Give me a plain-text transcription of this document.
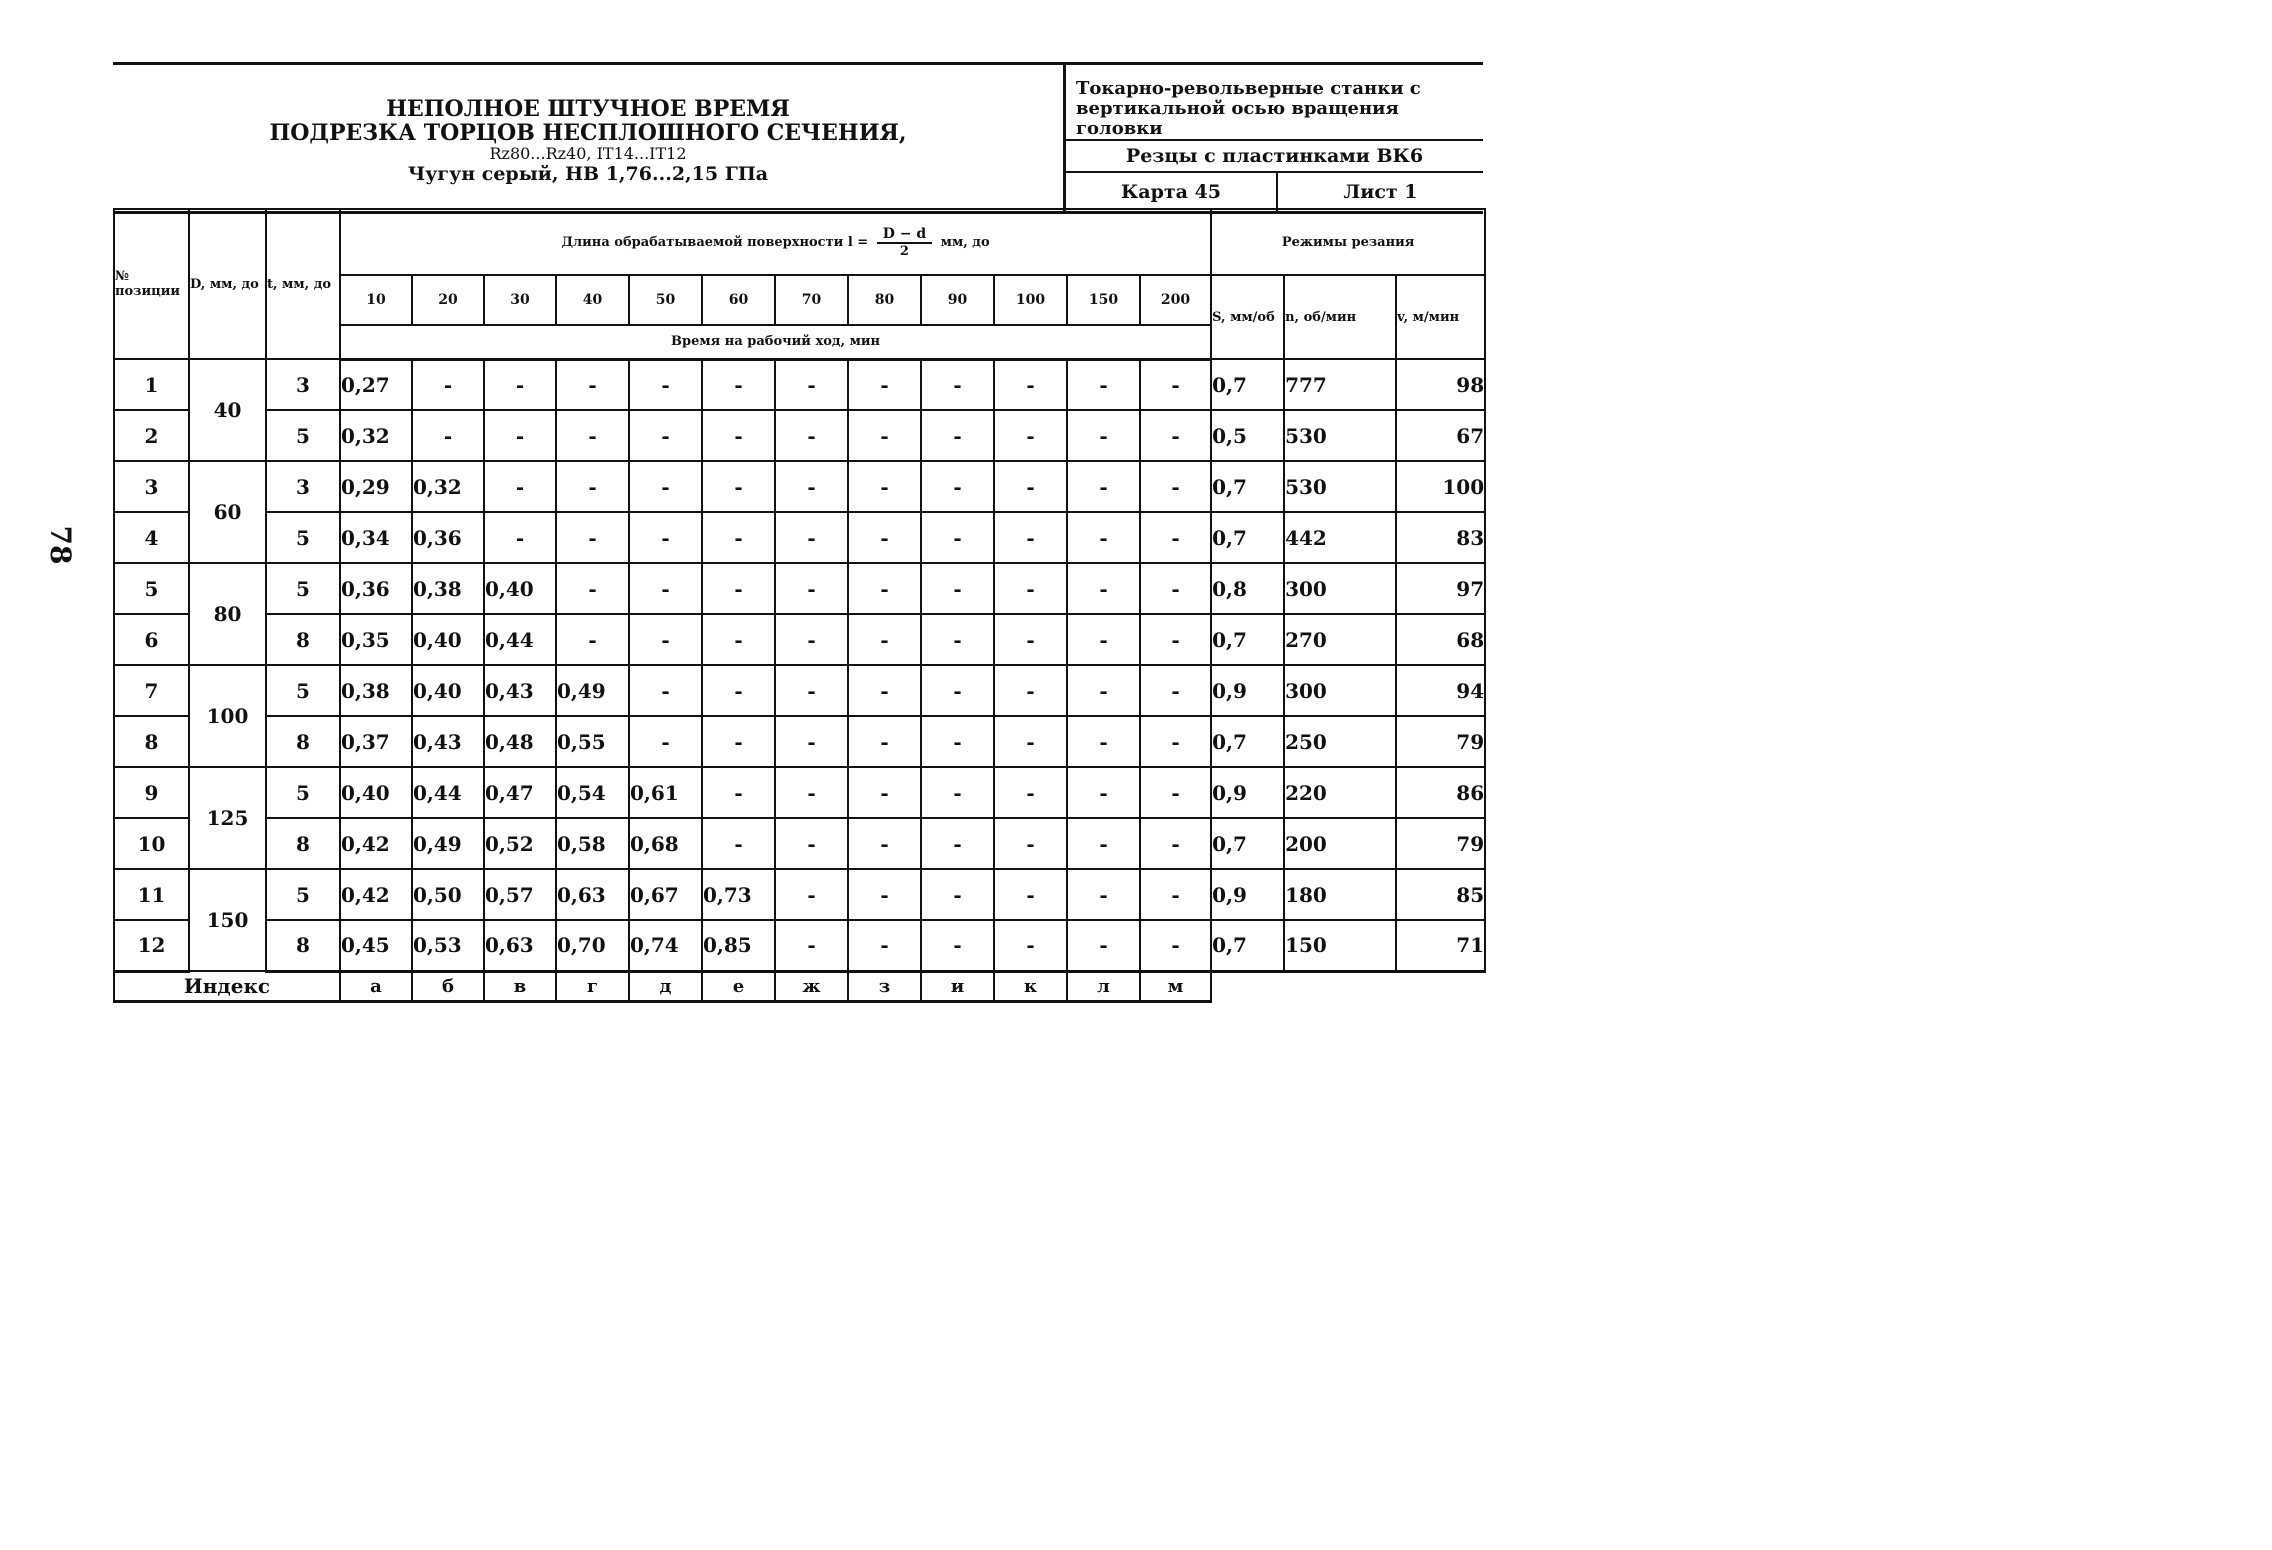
78
НЕПОЛНОЕ ШТУЧНОЕ ВРЕМЯ
ПОДРЕЗКА ТОРЦОВ НЕСПЛОШНОГО СЕЧЕНИЯ,
Rz80...Rz40, IT14...IT12
Чугун серый, НВ 1,76...2,15 ГПа
Токарно-револьверные станки с вертикальной осью вращения головки
Резцы с пластинками ВК6
Карта 45	Лист 1
№ позиции	D, мм, до	t, мм, до	Длина обрабатываемой поверхности $l = \frac{D - d}{2}$ мм, до												Режимы резания		
			10	20	30	40	50	60	70	80	90	100	150	200	S, мм/об	n, об/мин	v, м/мин
			Время на рабочий ход, мин														
1	40	3	0,27	-	-	-	-	-	-	-	-	-	-	-	0,7	777	98
2		5	0,32	-	-	-	-	-	-	-	-	-	-	-	0,5	530	67
3	60	3	0,29	0,32	-	-	-	-	-	-	-	-	-	-	0,7	530	100
4		5	0,34	0,36	-	-	-	-	-	-	-	-	-	-	0,7	442	83
5	80	5	0,36	0,38	0,40	-	-	-	-	-	-	-	-	-	0,8	300	97
6		8	0,35	0,40	0,44	-	-	-	-	-	-	-	-	-	0,7	270	68
7	100	5	0,38	0,40	0,43	0,49	-	-	-	-	-	-	-	-	0,9	300	94
8		8	0,37	0,43	0,48	0,55	-	-	-	-	-	-	-	-	0,7	250	79
9	125	5	0,40	0,44	0,47	0,54	0,61	-	-	-	-	-	-	-	0,9	220	86
10		8	0,42	0,49	0,52	0,58	0,68	-	-	-	-	-	-	-	0,7	200	79
11	150	5	0,42	0,50	0,57	0,63	0,67	0,73	-	-	-	-	-	-	0,9	180	85
12		8	0,45	0,53	0,63	0,70	0,74	0,85	-	-	-	-	-	-	0,7	150	71
Индекс			а	б	в	г	д	е	ж	з	и	к	л	м			
